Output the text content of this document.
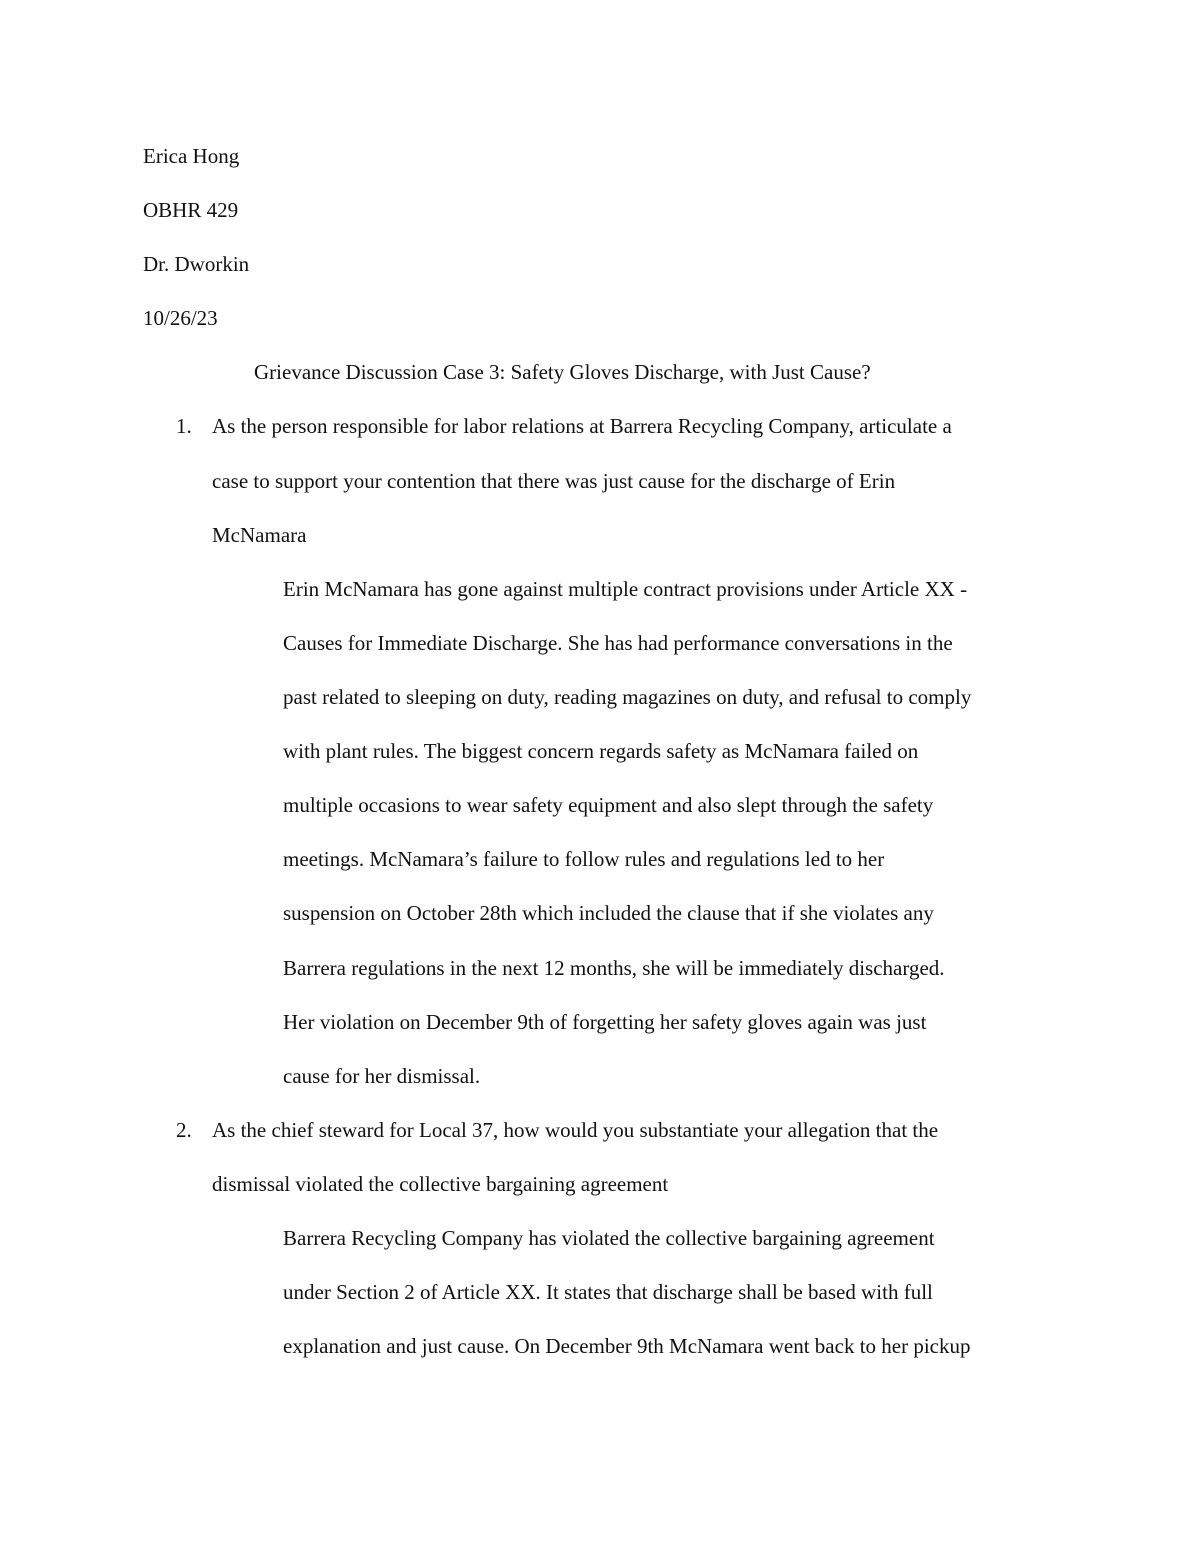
Erica Hong
OBHR 429
Dr. Dworkin
10/26/23
Grievance Discussion Case 3: Safety Gloves Discharge, with Just Cause?
1. As the person responsible for labor relations at Barrera Recycling Company, articulate a
case to support your contention that there was just cause for the discharge of Erin
McNamara
Erin McNamara has gone against multiple contract provisions under Article XX -
Causes for Immediate Discharge. She has had performance conversations in the
past related to sleeping on duty, reading magazines on duty, and refusal to comply
with plant rules. The biggest concern regards safety as McNamara failed on
multiple occasions to wear safety equipment and also slept through the safety
meetings. McNamara’s failure to follow rules and regulations led to her
suspension on October 28th which included the clause that if she violates any
Barrera regulations in the next 12 months, she will be immediately discharged.
Her violation on December 9th of forgetting her safety gloves again was just
cause for her dismissal.
2. As the chief steward for Local 37, how would you substantiate your allegation that the
dismissal violated the collective bargaining agreement
Barrera Recycling Company has violated the collective bargaining agreement
under Section 2 of Article XX. It states that discharge shall be based with full
explanation and just cause. On December 9th McNamara went back to her pickup
